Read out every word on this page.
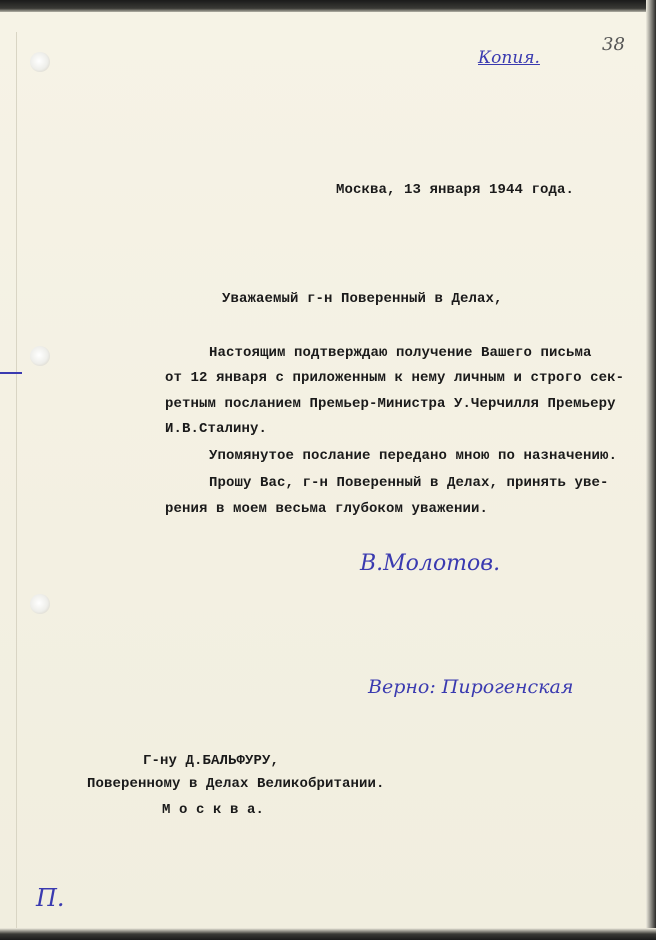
Копия.
38
Москва, 13 января 1944 года.
Уважаемый г-н Поверенный в Делах,
Настоящим подтверждаю получение Вашего письма
от 12 января с приложенным к нему личным и строго сек-
ретным посланием Премьер-Министра У.Черчилля Премьеру
И.В.Сталину.
Упомянутое послание передано мною по назначению.
Прошу Вас, г-н Поверенный в Делах, принять уве-
рения в моем весьма глубоком уважении.
В.Молотов.
Верно: Пирогенская
Г-ну Д.БАЛЬФУРУ,
Поверенному в Делах Великобритании.
М о с к в а.
П.
